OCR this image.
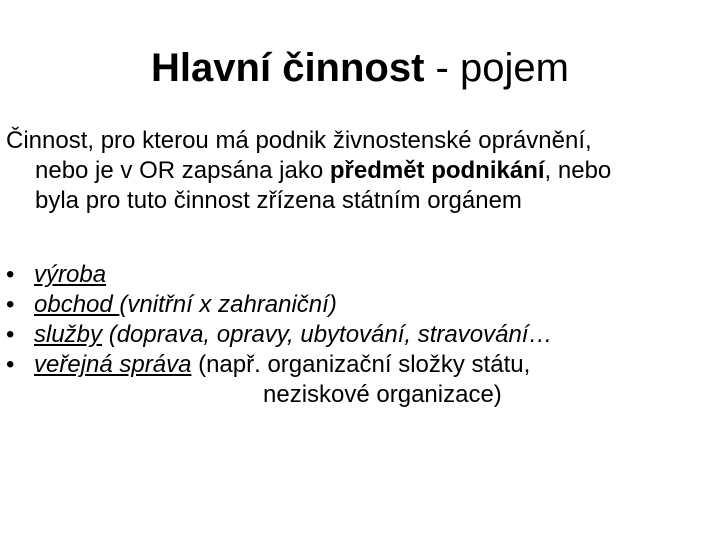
Hlavní činnost - pojem
Činnost, pro kterou má podnik živnostenské oprávnění,
nebo je v OR zapsána jako předmět podnikání, nebo
byla pro tuto činnost zřízena státním orgánem
• výroba
• obchod (vnitřní x zahraniční)
• služby (doprava, opravy, ubytování, stravování…
• veřejná správa (např. organizační složky státu,
neziskové organizace)
